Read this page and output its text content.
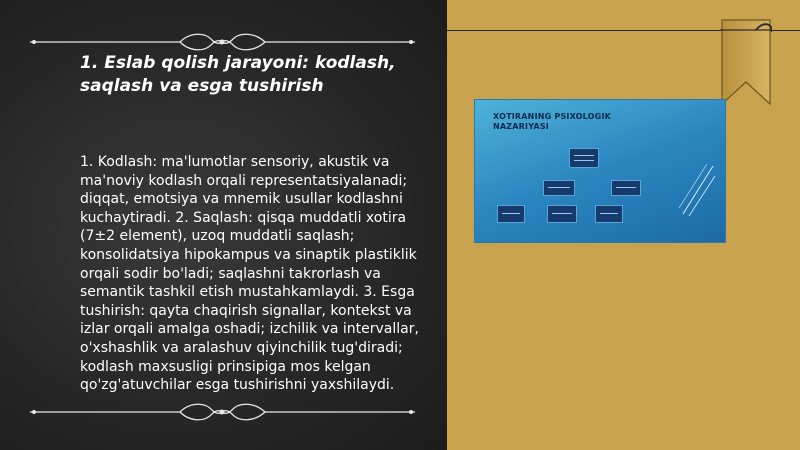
1. Eslab qolish jarayoni: kodlash, saqlash va esga tushirish

1. Kodlash: ma'lumotlar sensoriy, akustik va ma'noviy kodlash orqali representatsiyalanadi; diqqat, emotsiya va mnemik usullar kodlashni kuchaytiradi. 2. Saqlash: qisqa muddatli xotira (7±2 element), uzoq muddatli saqlash; konsolidatsiya hipokampus va sinaptik plastiklik orqali sodir bo'ladi; saqlashni takrorlash va semantik tashkil etish mustahkamlaydi. 3. Esga tushirish: qayta chaqirish signallar, kontekst va izlar orqali amalga oshadi; izchilik va intervallar, o'xshashlik va aralashuv qiyinchilik tug'diradi; kodlash maxsusligi prinsipiga mos kelgan qo'zg'atuvchilar esga tushirishni yaxshilaydi.

XOTIRANING PSIXOLOGIK NAZARIYASI
